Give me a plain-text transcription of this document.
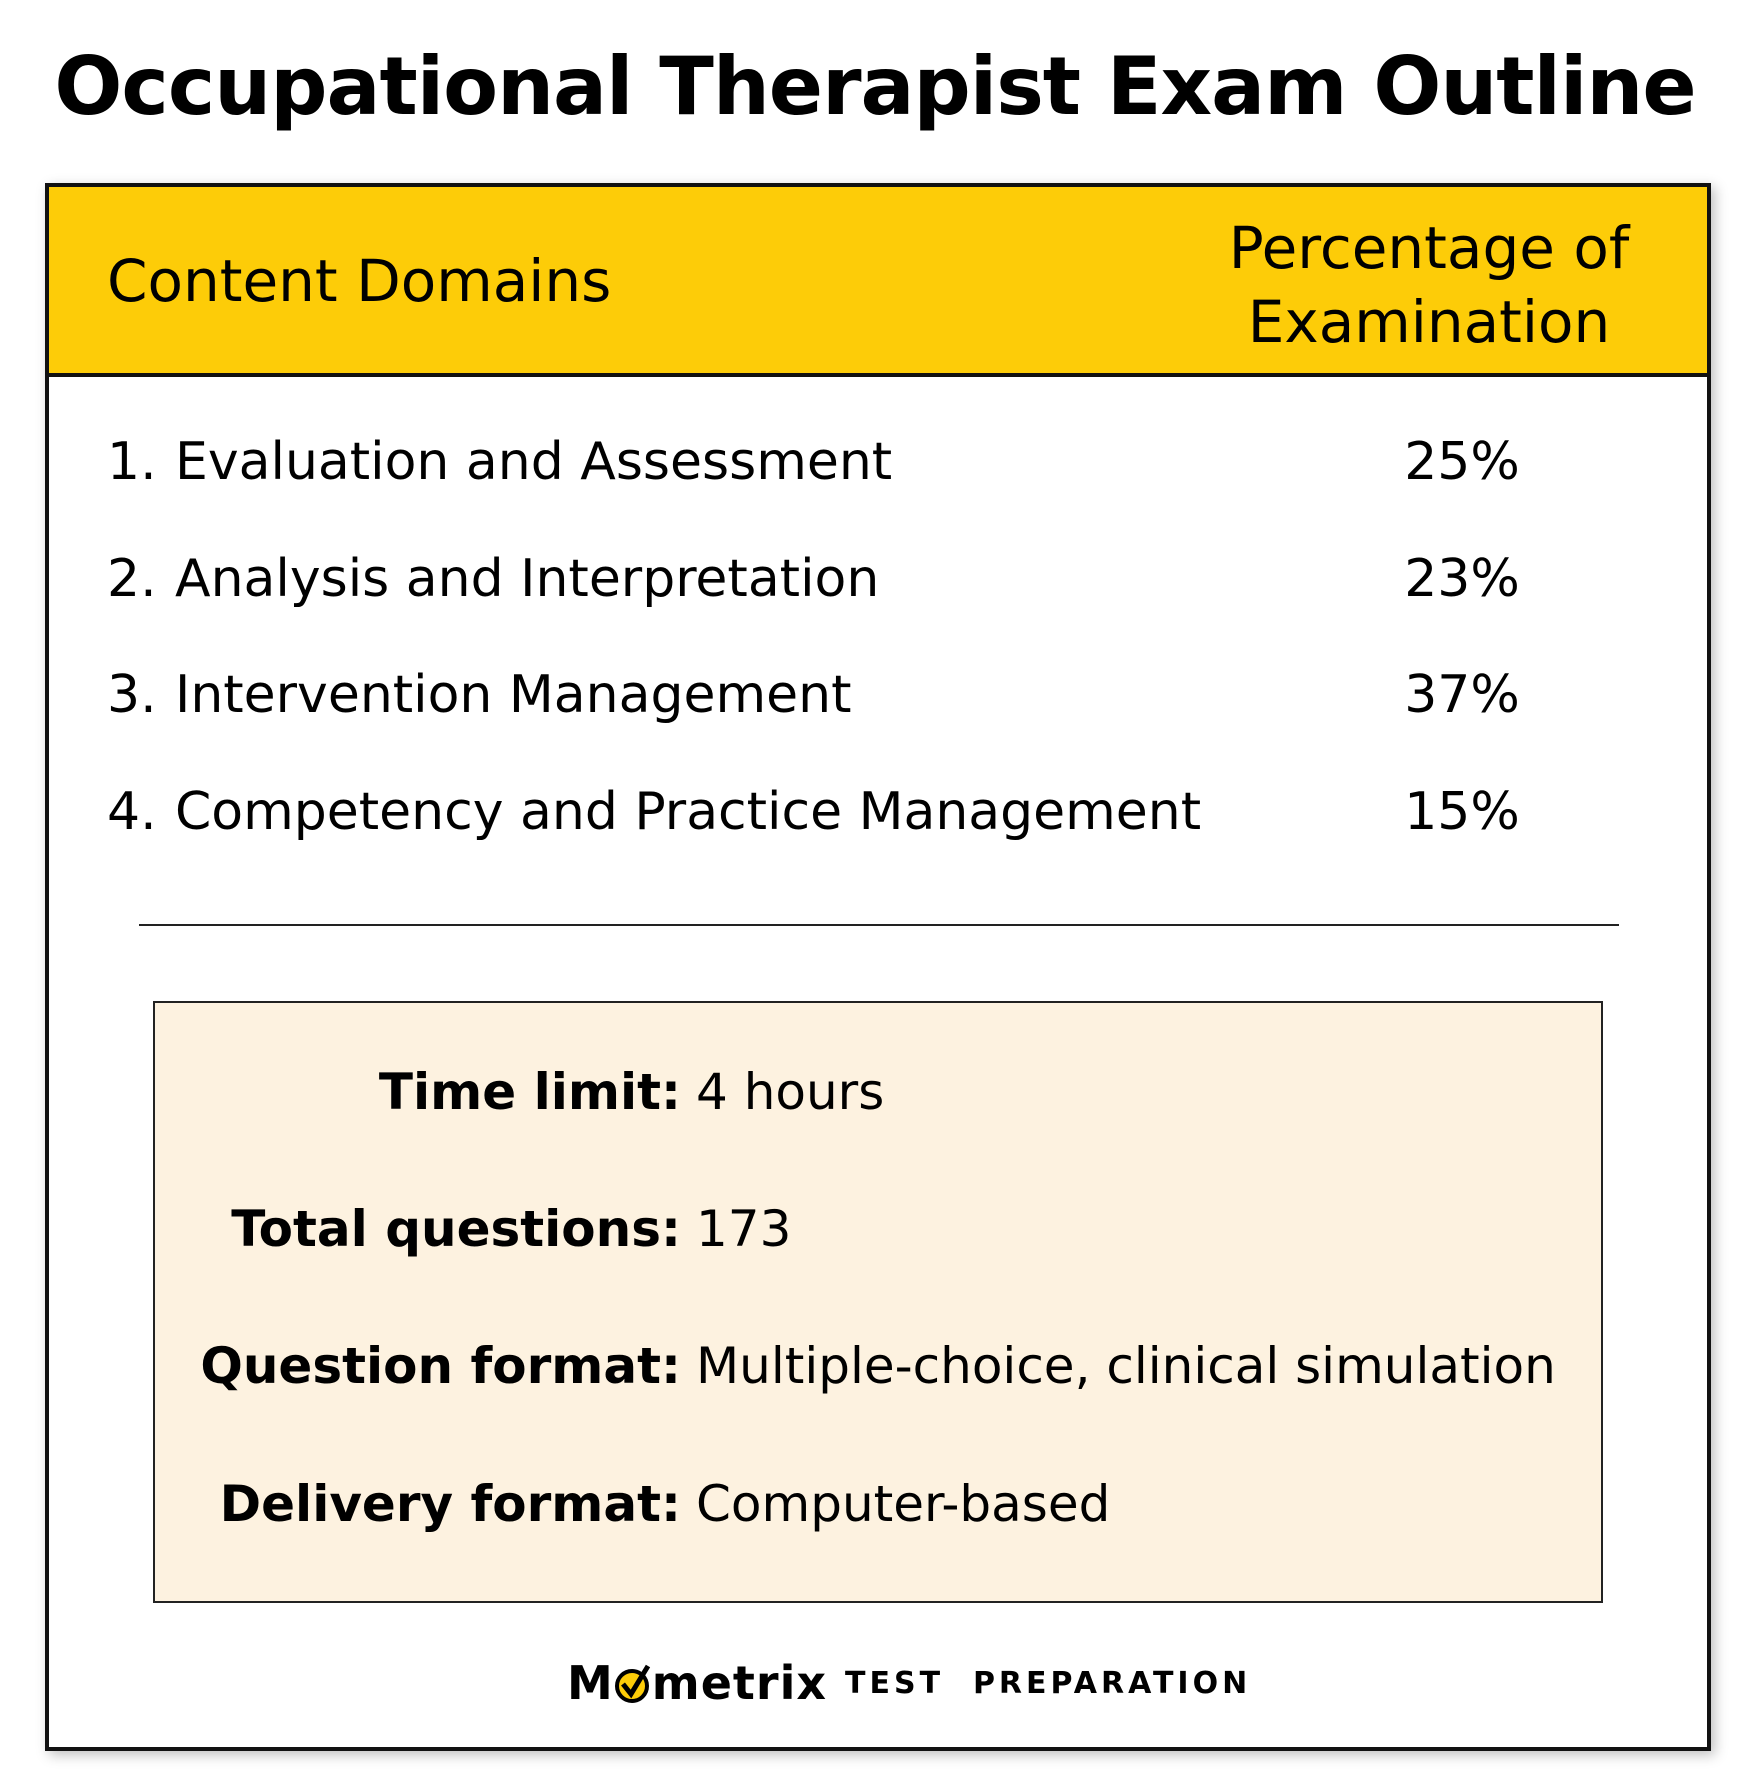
Occupational Therapist Exam Outline
Content Domains	Percentage of
Examination
1. Evaluation and Assessment	25%
2. Analysis and Interpretation	23%
3. Intervention Management	37%
4. Competency and Practice Management	15%
Time limit: 4 hours
Total questions: 173
Question format: Multiple-choice, clinical simulation
Delivery format: Computer-based
M metrix TEST  PREPARATION
